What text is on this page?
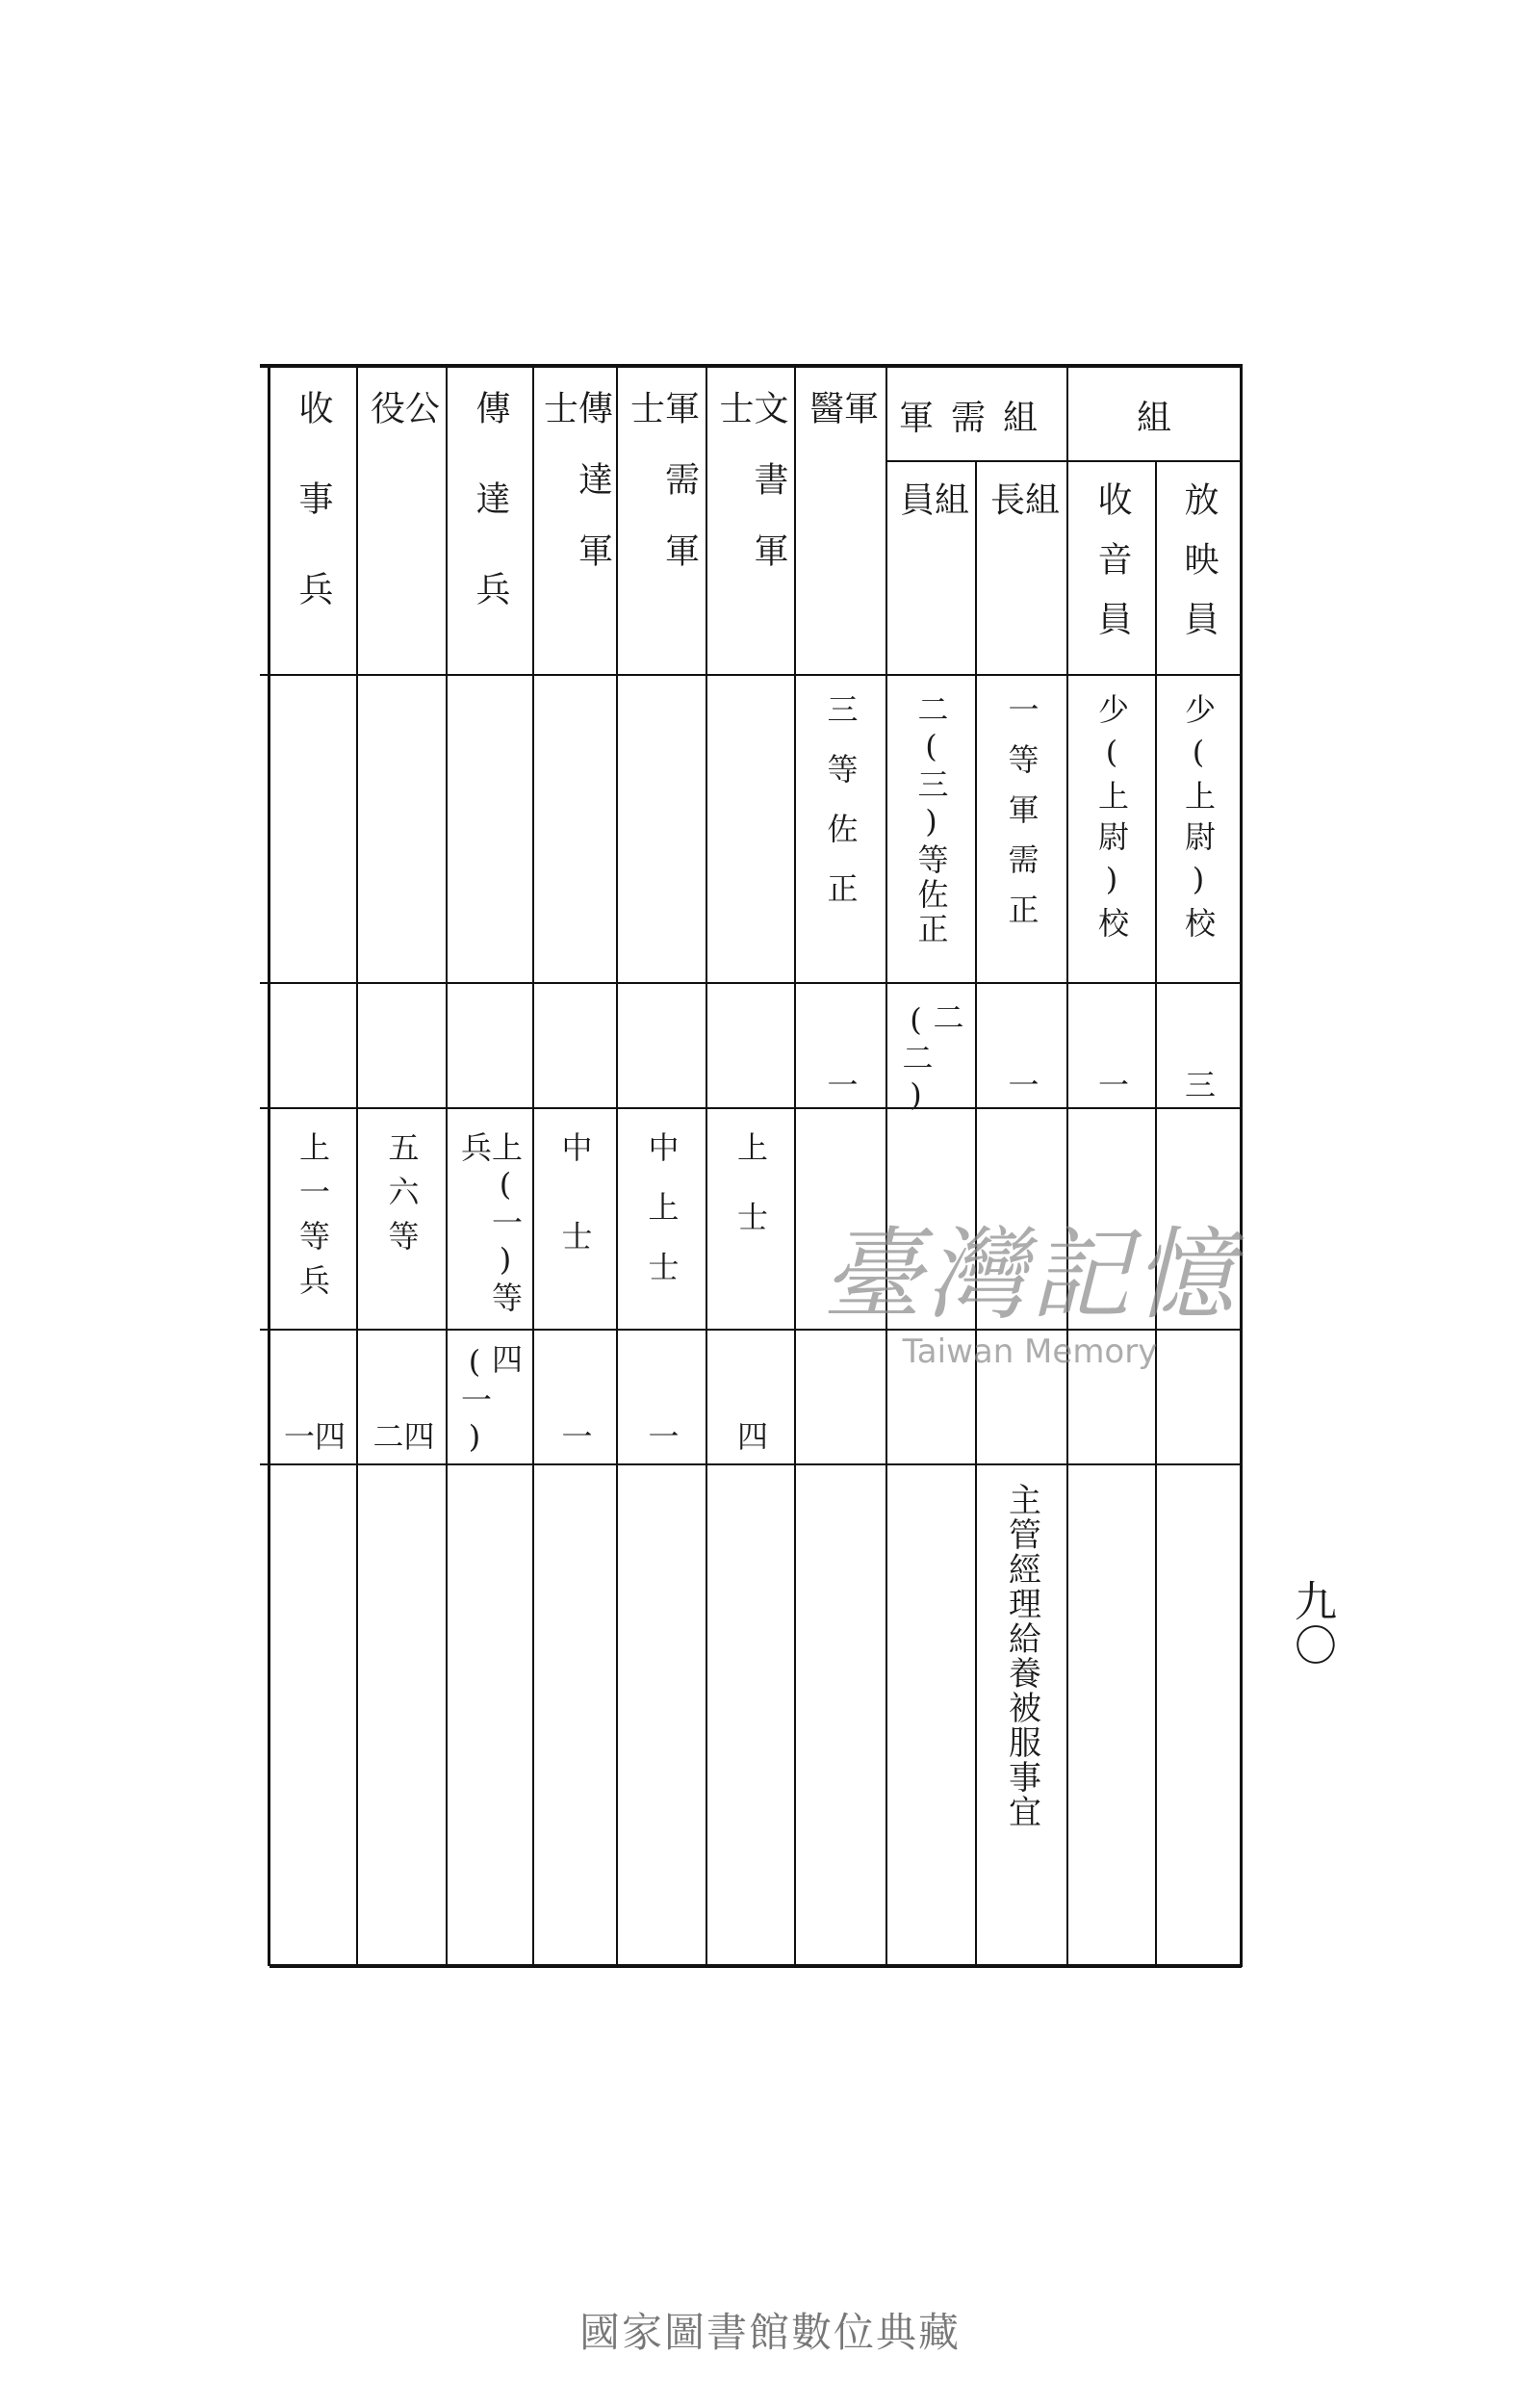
組
軍需組
放映員
收音員
組長
組員
軍醫
文書軍士
軍需軍士
傳達軍士
傳達兵
公役
收事兵
少(上尉)校
少(上尉)校
一等軍需正
二(三)等佐正
三等佐正
三
一
一
二(二)
一
上士
中上士
中士
上(一)等兵
五六等
上一等兵
四
一
一
四(一)
四二
四一
主管經理給養被服事宜	九〇
臺灣記憶
Taiwan Memory
國家圖書館數位典藏
